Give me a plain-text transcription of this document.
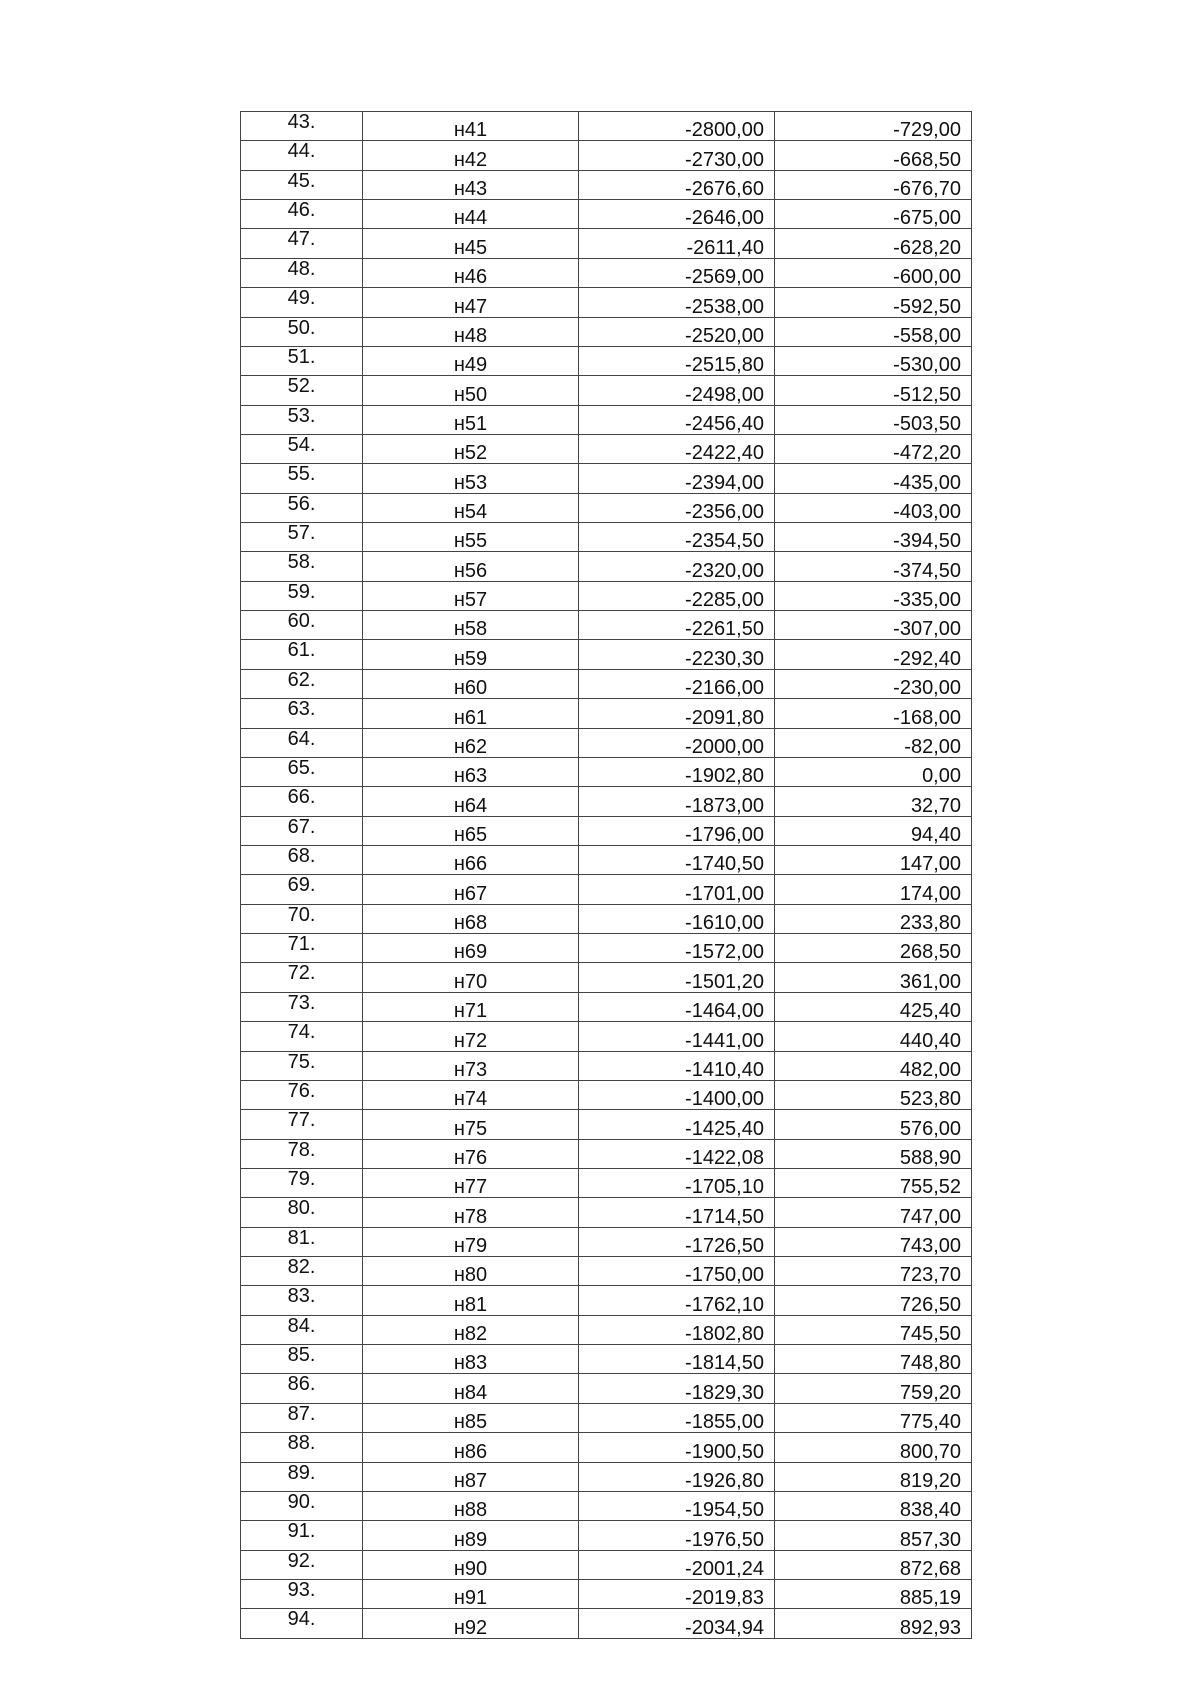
43.	н41	-2800,00	-729,00
44.	н42	-2730,00	-668,50
45.	н43	-2676,60	-676,70
46.	н44	-2646,00	-675,00
47.	н45	-2611,40	-628,20
48.	н46	-2569,00	-600,00
49.	н47	-2538,00	-592,50
50.	н48	-2520,00	-558,00
51.	н49	-2515,80	-530,00
52.	н50	-2498,00	-512,50
53.	н51	-2456,40	-503,50
54.	н52	-2422,40	-472,20
55.	н53	-2394,00	-435,00
56.	н54	-2356,00	-403,00
57.	н55	-2354,50	-394,50
58.	н56	-2320,00	-374,50
59.	н57	-2285,00	-335,00
60.	н58	-2261,50	-307,00
61.	н59	-2230,30	-292,40
62.	н60	-2166,00	-230,00
63.	н61	-2091,80	-168,00
64.	н62	-2000,00	-82,00
65.	н63	-1902,80	0,00
66.	н64	-1873,00	32,70
67.	н65	-1796,00	94,40
68.	н66	-1740,50	147,00
69.	н67	-1701,00	174,00
70.	н68	-1610,00	233,80
71.	н69	-1572,00	268,50
72.	н70	-1501,20	361,00
73.	н71	-1464,00	425,40
74.	н72	-1441,00	440,40
75.	н73	-1410,40	482,00
76.	н74	-1400,00	523,80
77.	н75	-1425,40	576,00
78.	н76	-1422,08	588,90
79.	н77	-1705,10	755,52
80.	н78	-1714,50	747,00
81.	н79	-1726,50	743,00
82.	н80	-1750,00	723,70
83.	н81	-1762,10	726,50
84.	н82	-1802,80	745,50
85.	н83	-1814,50	748,80
86.	н84	-1829,30	759,20
87.	н85	-1855,00	775,40
88.	н86	-1900,50	800,70
89.	н87	-1926,80	819,20
90.	н88	-1954,50	838,40
91.	н89	-1976,50	857,30
92.	н90	-2001,24	872,68
93.	н91	-2019,83	885,19
94.	н92	-2034,94	892,93
